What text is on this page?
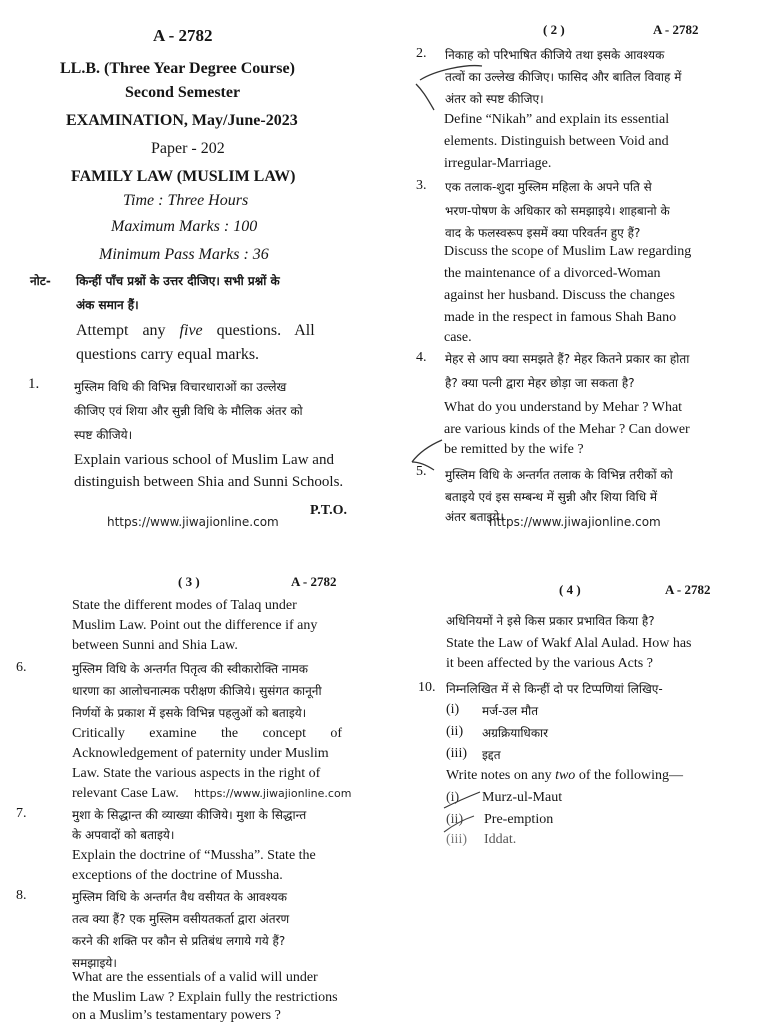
A - 2782

LL.B. (Three Year Degree Course)

Second Semester

EXAMINATION, May/June-2023

Paper - 202

FAMILY LAW (MUSLIM LAW)

Time : Three Hours

Maximum Marks : 100

Minimum Pass Marks : 36

नोट- किन्हीं पाँच प्रश्नों के उत्तर दीजिए। सभी प्रश्नों के

अंक समान हैं।

Attempt any five questions. All

questions carry equal marks.

1.	मुस्लिम विधि की विभिन्न विचारधाराओं का उल्लेख

कीजिए एवं शिया और सुन्नी विधि के मौलिक अंतर को

स्पष्ट कीजिये।

Explain various school of Muslim Law and

distinguish between Shia and Sunni Schools.

P.T.O.

https://www.jiwajionline.com

( 2 )	A - 2782

2. निकाह को परिभाषित कीजिये तथा इसके आवश्यक

तत्वों का उल्लेख कीजिए। फासिद और बातिल विवाह में

अंतर को स्पष्ट कीजिए।

Define “Nikah” and explain its essential

elements. Distinguish between Void and

irregular-Marriage.

3. एक तलाक-शुदा मुस्लिम महिला के अपने पति से

भरण-पोषण के अधिकार को समझाइये। शाहबानो के

वाद के फलस्वरूप इसमें क्या परिवर्तन हुए हैं?

Discuss the scope of Muslim Law regarding

the maintenance of a divorced-Woman

against her husband. Discuss the changes

made in the respect in famous Shah Bano

case.

4. मेहर से आप क्या समझते हैं? मेहर कितने प्रकार का होता

है? क्या पत्नी द्वारा मेहर छोड़ा जा सकता है?

What do you understand by Mehar ? What

are various kinds of the Mehar ? Can dower

be remitted by the wife ?

5. मुस्लिम विधि के अन्तर्गत तलाक के विभिन्न तरीकों को

बताइये एवं इस सम्बन्ध में सुन्नी और शिया विधि में

अंतर बताइये।

https://www.jiwajionline.com

( 3 )	A - 2782

State the different modes of Talaq under

Muslim Law. Point out the difference if any

between Sunni and Shia Law.

6.	मुस्लिम विधि के अन्तर्गत पितृत्व की स्वीकारोक्ति नामक

धारणा का आलोचनात्मक परीक्षण कीजिये। सुसंगत कानूनी

निर्णयों के प्रकाश में इसके विभिन्न पहलुओं को बताइये।

Critically examine the concept of

Acknowledgement of paternity under Muslim

Law. State the various aspects in the right of

relevant Case Law. https://www.jiwajionline.com

7.	मुशा के सिद्धान्त की व्याख्या कीजिये। मुशा के सिद्धान्त

के अपवादों को बताइये।

Explain the doctrine of “Mussha”. State the

exceptions of the doctrine of Mussha.

8.	मुस्लिम विधि के अन्तर्गत वैध वसीयत के आवश्यक

तत्व क्या हैं? एक मुस्लिम वसीयतकर्ता द्वारा अंतरण

करने की शक्ति पर कौन से प्रतिबंध लगाये गये हैं?

समझाइये।

What are the essentials of a valid will under

the Muslim Law ? Explain fully the restrictions

on a Muslim’s testamentary powers ?

( 4 )	A - 2782

अधिनियमों ने इसे किस प्रकार प्रभावित किया है?

State the Law of Wakf Alal Aulad. How has

it been affected by the various Acts ?

10. निम्नलिखित में से किन्हीं दो पर टिप्पणियां लिखिए-

(i) मर्ज-उल मौत

(ii) अग्रक्रियाधिकार

(iii) इद्दत

Write notes on any two of the following—

(i) Murz-ul-Maut

(ii) Pre-emption

(iii) Iddat.
